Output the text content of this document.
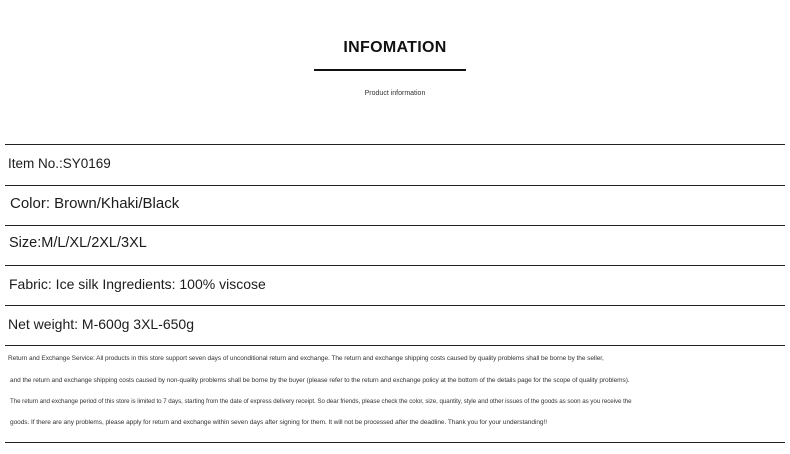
INFOMATION
Product information
Item No.:SY0169
Color: Brown/Khaki/Black
Size:M/L/XL/2XL/3XL
Fabric: Ice silk Ingredients: 100% viscose
Net weight: M-600g 3XL-650g
Return and Exchange Service: All products in this store support seven days of unconditional return and exchange. The return and exchange shipping costs caused by quality problems shall be borne by the seller,
and the return and exchange shipping costs caused by non-quality problems shall be borne by the buyer (please refer to the return and exchange policy at the bottom of the details page for the scope of quality problems).
The return and exchange period of this store is limited to 7 days, starting from the date of express delivery receipt. So dear friends, please check the color, size, quantity, style and other issues of the goods as soon as you receive the
goods. If there are any problems, please apply for return and exchange within seven days after signing for them. It will not be processed after the deadline. Thank you for your understanding!!
